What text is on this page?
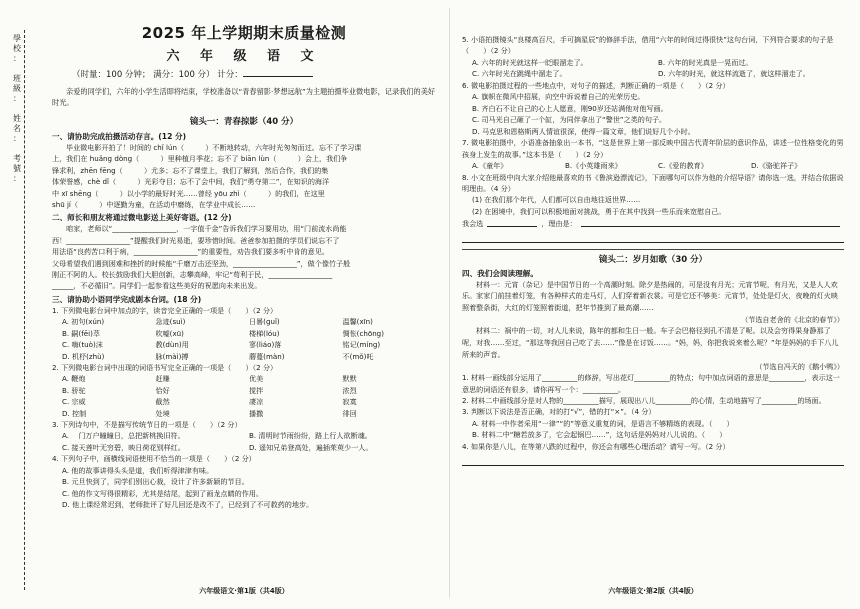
學
校
：
班
級
：
姓
名
：
考
號
：
2025 年上学期期末质量检测
六 年 级 语 文
（时量：100 分钟； 满分：100 分） 计分：

亲爱的同学们，六年的小学生活即将结束，学校准备以“青春留影·梦想远航”为主题拍摄毕业微电影，记录我们的美好时光。

镜头一：青春掠影（40 分）
一、请协助完成拍摄活动存言。(12 分)

毕业微电影开拍了！时间的 chǐ lún（　　　）不断地转动，六年时光匆匆而过。忘不了学习课

上，我们在 huǎng dòng（　　　）里种植月季花；忘不了 biān lùn（　　　）会上，我们争

锋求利，zhēn fēng（　　　）尤多；忘不了课堂上，我们了解到，然后合作，我们的集

体荣誉感，chè dǐ（　　　）光彩夺目；忘不了会中间，我们“勇夺第二”，在知识的海洋

中 xī shēng（　　　）以小学的最好时光……曾经 yōu zhì（　　　）的我们，在这里

shū jí（　　　）中逐勤为童，在活动中磨练，在学业中成长……

二、师长和朋友将通过微电影送上美好寄语。(12 分)

咱家，老师以“__________________，一字值千金”告诉我们学习要用功，用“门前流水尚能

西！__________________”提醒我们时光易逝，要珍惜时间。爸爸参加拍摄的学员们说忘不了

用法语“良药苦口利于病，__________________”的重要性，劝告我们要多听中肯的意见。

父母希望我们遇到困难和挫折的时候能“千磨万击还坚劲，__________________”，做个像竹子般

刚正不阿的人。校长鼓励我们大胆创新，志攀高峰，牢记“苟利于民，__________________

______，不必循旧”。同学们一起参看这些美好的祝愿向未来出发。

三、请协助小语同学完成剧本台词。(18 分)

1. 下列微电影台词中加点的字，读音完全正确的一项是（　　）（2 分）

A. 初句(xún)	急迹(suì)	日晷(guǐ)	温馨(xīn)
B. 嗣(fēi)萃	吹嘘(xū)	楼梯(lóu)	惆怅(chōng)
C. 嗨(tuò)沫	教(dùn)用	寥(liáo)落	铭记(míng)
D. 机杼(zhù)	脉(mài)搏	蘑蔓(màn)	不(mǒ)吒

2. 下列微电影台词中出现的词语书写完全正确的一项是（　　）（2 分）

A. 鞭炮	赶赚	优美	默默
B. 骄驼	恰好	搅拌	浓烈
C. 宗威	截然	凄凉	寂寞
D. 控制	处境	播撒	徘回

3. 下列诗句中，不是描写传统节日的一项是（　　）（2 分）

A. 　门万户瞳瞳日，总把新桃换旧符。	B. 清明时节雨纷纷，路上行人欲断魂。
C. 接天莲叶无穷碧，映日荷花别样红。	D. 遥知兄弟登高处，遍插茱萸少一人。

4. 下列句子中，画横线词语使用不恰当的一项是（　　）（2 分）

A. 他的故事讲得头头是道，我们听得津津有味。

B. 元旦快到了，同学们别出心裁，设计了许多新颖的节目。

C. 他的作文写得很精彩，尤其是结尾，起到了画龙点睛的作用。

D. 他上课经常迟到，老师批评了好几回还是改不了，已经到了不可救药的地步。

六年级语文·第1版（共4版）

5. 小语拍摄镜头“良楼高百尺，手可摘星辰”的修辞手法，借用“六年的时间过得很快”这句台词，下列符合要求的句子是（　　）（2 分）

A. 六年的时光就这样一眨眼溜走了。	B. 六年的时光真是一晃而过。
C. 六年时光在跳绳中溜走了。	D. 六年的时光，就这样流逝了，就这样溜走了。

6. 微电影拍摄过程的一些地点中，对句子的描述，判断正确的一项是（　　）（2 分）

A. 旗帜在微风中招展，向空中诉说着自己的光荣历史。

B. 齐白石不让自己的心上人愿意，刚90岁还站满他对他写画。

C. 司马光自己砸了一个缸，为同伴拿出了“警世”之类的句子。

D. 马克思和恩格斯两人情谊很深，使得一篇文章，他们说好几个小时。

7. 微电影拍摄中，小语准备抽象出一本书，“这是世界上第一部反映中国古代青年阶层的意识作品，讲述一位性格变化的男孩身上发生的故事。”这本书是（　　）（2 分）

A.《童年》	B.《小英雄雨来》	C.《爱的教育》	D.《骆驼祥子》

8. 小文在班级中向大家介绍他最喜欢的书《鲁滨逊漂流记》，下面哪句可以作为他的介绍导语？请你选一选，并结合依据说明理由。（4 分）

(1) 在我们那个年代，人们都可以自由地往返世界……

(2) 在困境中，我们可以积极地面对挑战，勇于在其中找到一些乐而来宽慰自己。

我会选	，理由是：
镜头二：岁月如歌（30 分）
四、我们会阅读理解。

材料一：元宵（杂记）是中国节日的一个高潮时刻。除夕是热闹的，可是没有月光；元宵节呢，有月光，又是人人欢乐。家家门前挂着灯笼，有各种样式的走马灯，人们穿着新衣裳。可是它还不够美：元宵节，处处是灯火，夜晚的灯火映照着整条街，大红的灯笼照着街道，把年节推到了最高潮……

（节选自老舍的《北京的春节》）

材料二：祸中的一切，对人儿来说，陈年的都和生日一般。车子会巴格径到孔不清是了呢。以及会穷得果身静那了呢，对我……至过，“那这等我回自己吃了去……”像是在讨饭……。“妈，妈，你把我说来着么呢？”年是妈妈的手下八儿所来的声音。

（节选自冯天的《鹅小鸭》）

1. 材料一画线部分运用了__________的修辞，写出花灯__________的特点；句中加点词语的意思是__________，表示这一意思的词语还有很多，请你再写一个：__________。

2. 材料二中画线部分是对人物的__________描写，展现出八儿__________的心情，生动地描写了__________的场面。

3. 判断以下说法是否正确，对的打“√”，错的打“×”。（4 分）

A. 材料一中作者采用“一律”“的”等意义重复的词，是语言不够精练的表现。（　　）

B. 材料二中“糖若放多了，它会起锅巴……”，这句话是妈妈对八儿说的。（　　）

4. 如果你是八儿，在等第八跌的过程中，你还会有哪些心理活动？请写一写。（2 分）

六年级语文·第2版（共4版）
